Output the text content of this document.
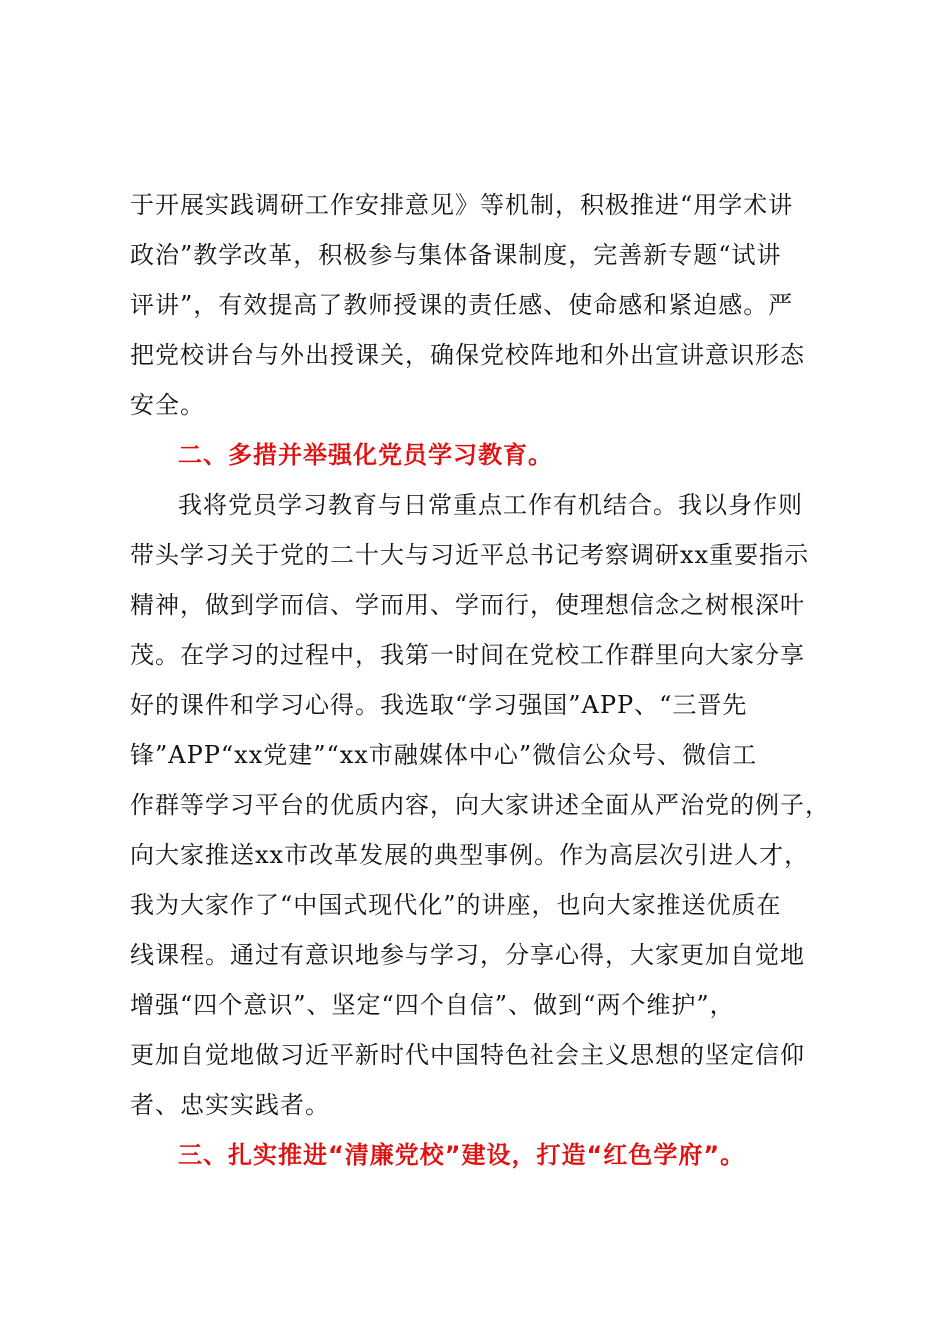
于开展实践调研工作安排意见》等机制，积极推进“用学术讲
政治”教学改革，积极参与集体备课制度，完善新专题“试讲
评讲”，有效提高了教师授课的责任感、使命感和紧迫感。严
把党校讲台与外出授课关，确保党校阵地和外出宣讲意识形态
安全。
二、多措并举强化党员学习教育。
我将党员学习教育与日常重点工作有机结合。我以身作则
带头学习关于党的二十大与习近平总书记考察调研xx重要指示
精神，做到学而信、学而用、学而行，使理想信念之树根深叶
茂。在学习的过程中，我第一时间在党校工作群里向大家分享
好的课件和学习心得。我选取“学习强国”APP、“三晋先
锋”APP“xx党建”“xx市融媒体中心”微信公众号、微信工
作群等学习平台的优质内容，向大家讲述全面从严治党的例子，
向大家推送xx市改革发展的典型事例。作为高层次引进人才，
我为大家作了“中国式现代化”的讲座，也向大家推送优质在
线课程。通过有意识地参与学习，分享心得，大家更加自觉地
增强“四个意识”、坚定“四个自信”、做到“两个维护”，
更加自觉地做习近平新时代中国特色社会主义思想的坚定信仰
者、忠实实践者。
三、扎实推进“清廉党校”建设，打造“红色学府”。
